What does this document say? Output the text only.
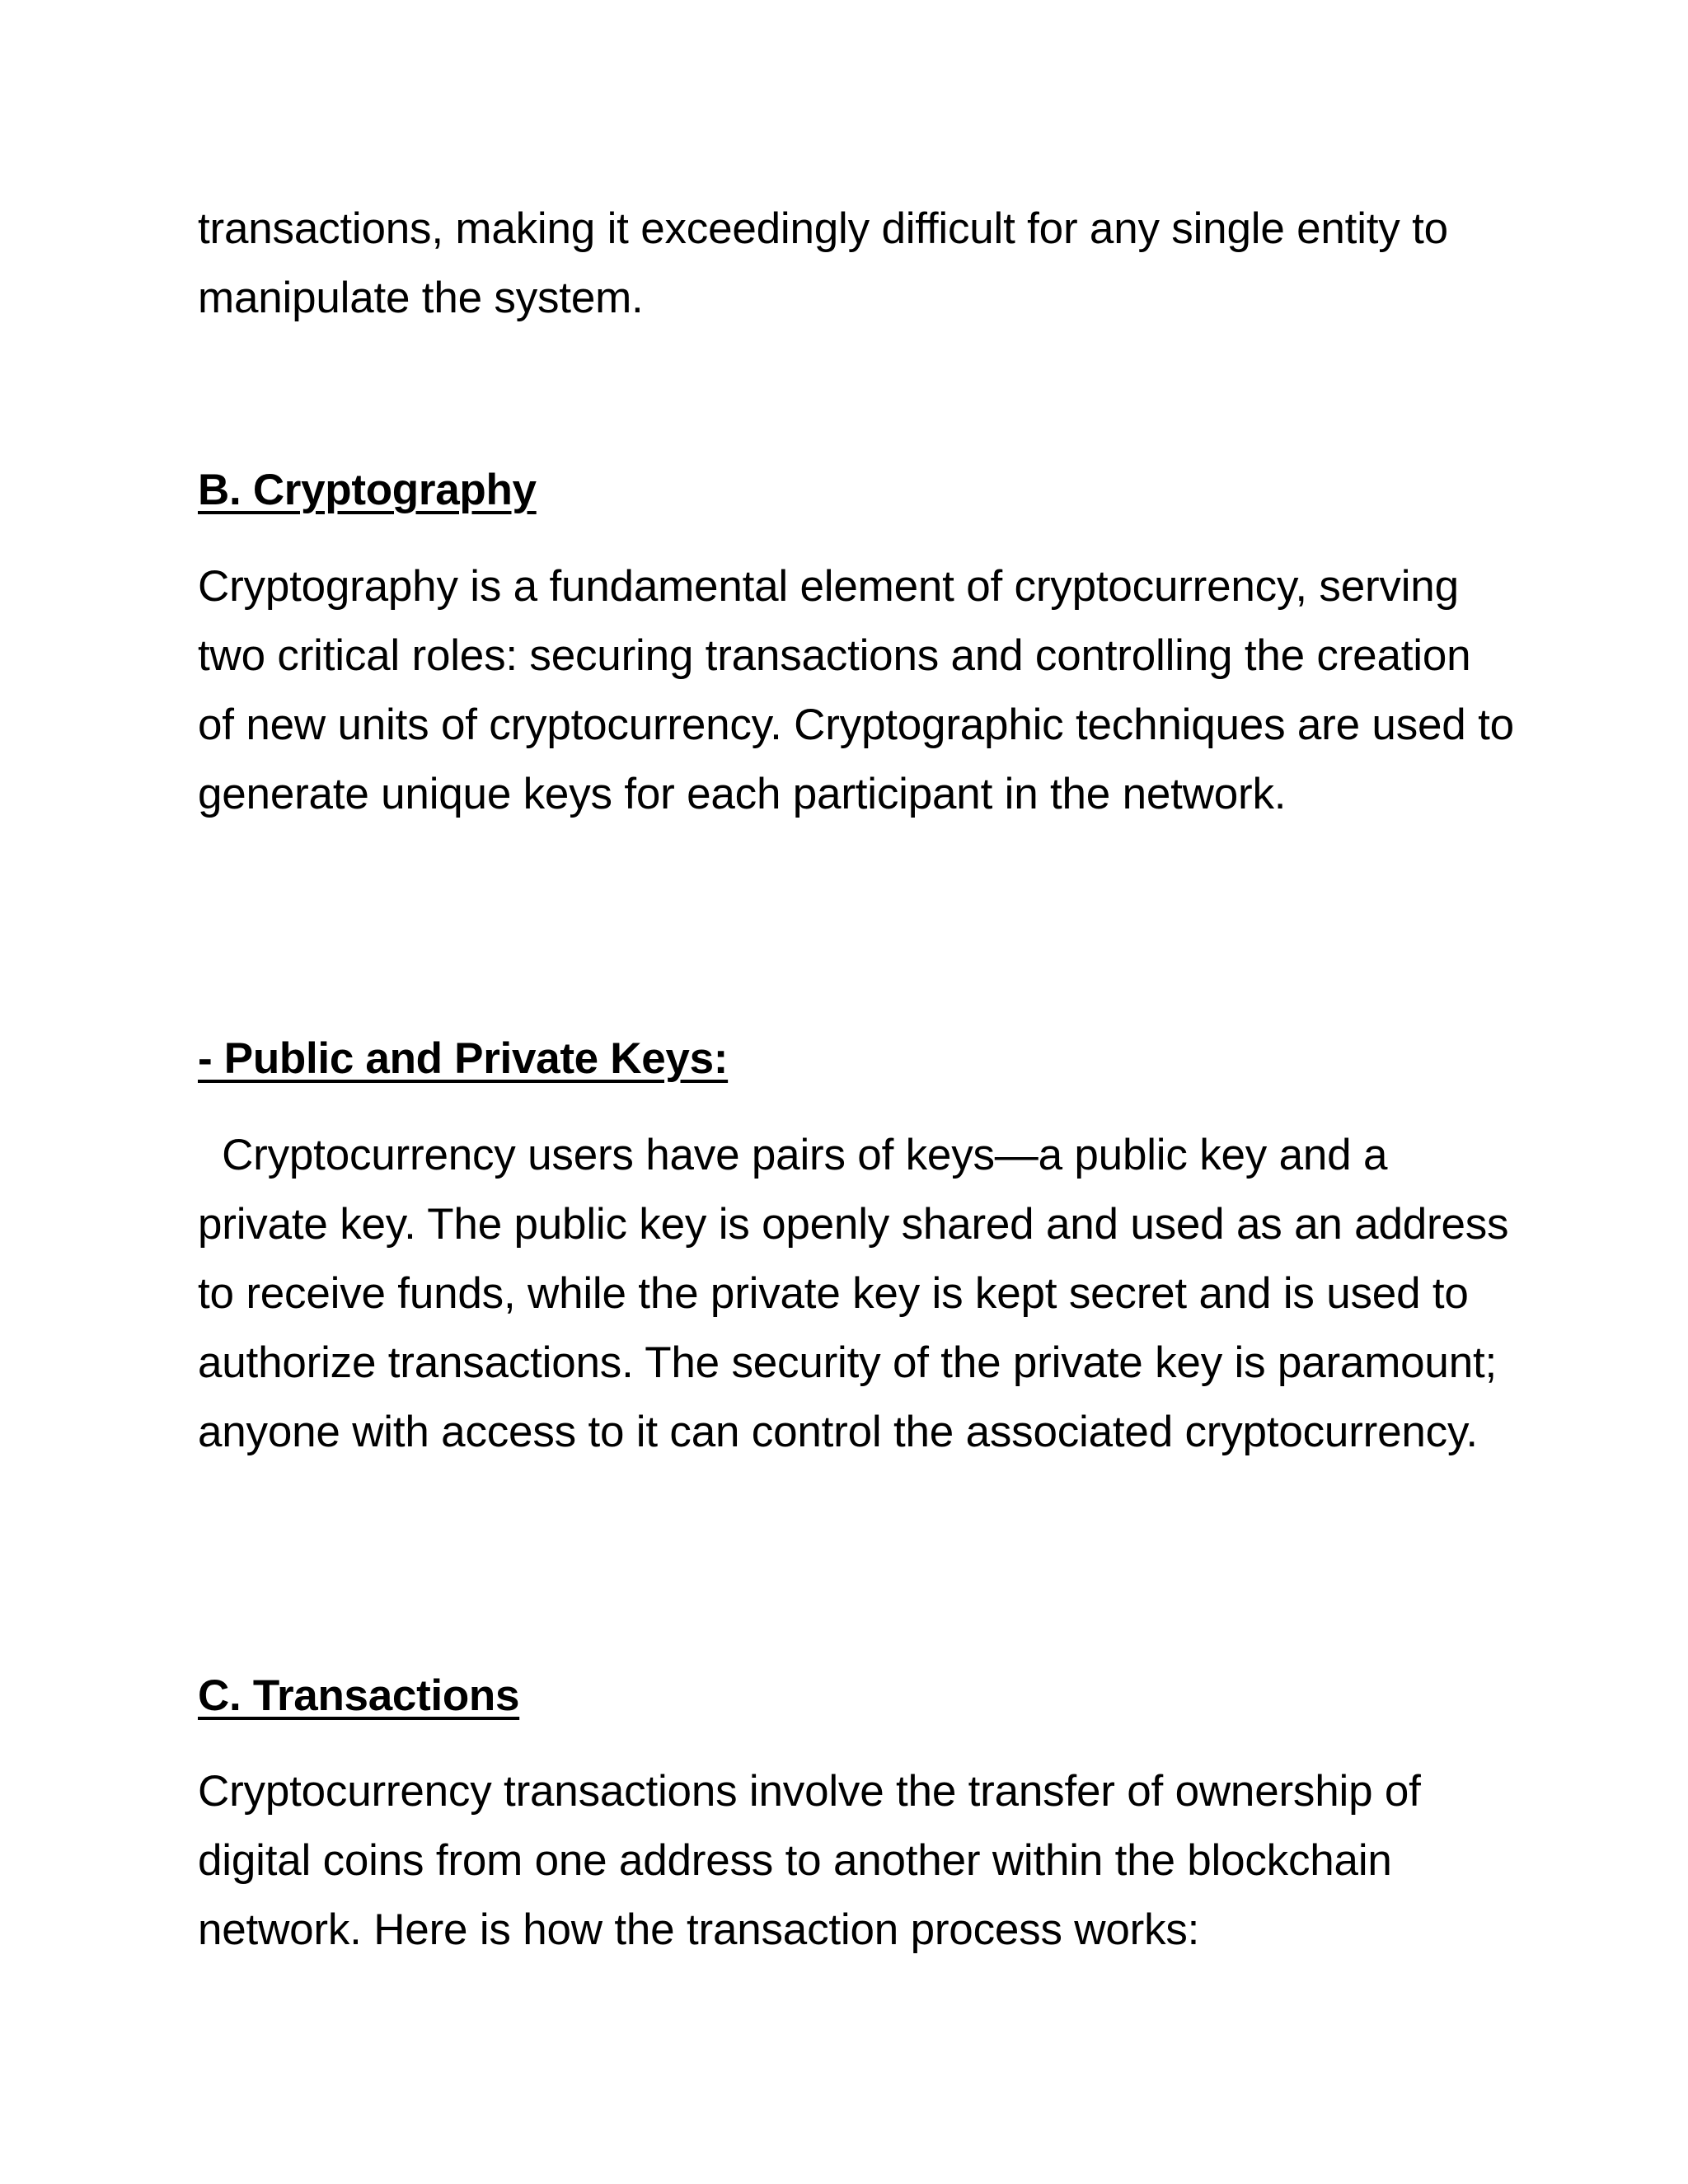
transactions, making it exceedingly difficult for any single entity to manipulate the system.
B. Cryptography
Cryptography is a fundamental element of cryptocurrency, serving two critical roles: securing transactions and controlling the creation of new units of cryptocurrency. Cryptographic techniques are used to generate unique keys for each participant in the network.
- Public and Private Keys:
Cryptocurrency users have pairs of keys—a public key and a private key. The public key is openly shared and used as an address to receive funds, while the private key is kept secret and is used to authorize transactions. The security of the private key is paramount; anyone with access to it can control the associated cryptocurrency.
C. Transactions
Cryptocurrency transactions involve the transfer of ownership of digital coins from one address to another within the blockchain network. Here is how the transaction process works:
